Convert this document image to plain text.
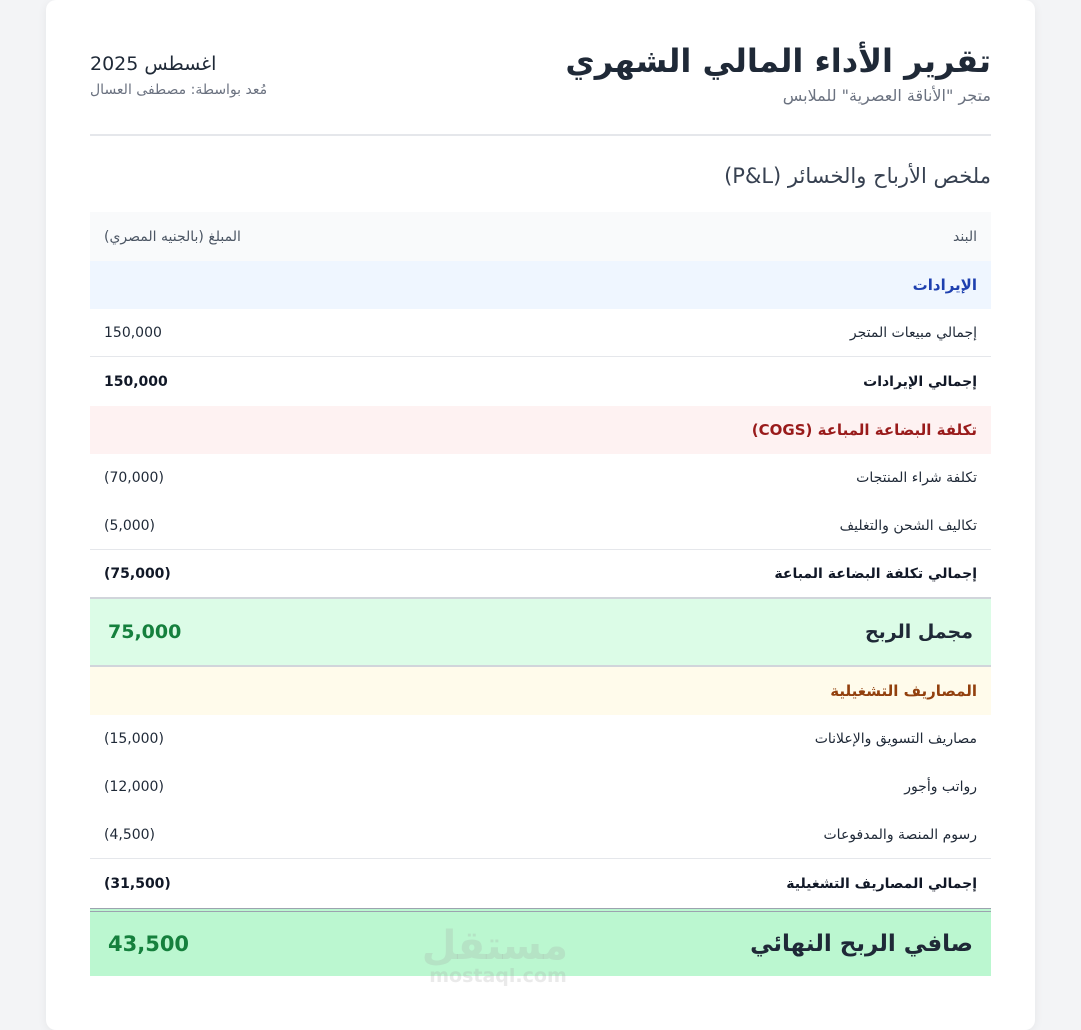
تقرير الأداء المالي الشهري
متجر "الأناقة العصرية" للملابس
اغسطس 2025
مُعد بواسطة: مصطفى العسال
ملخص الأرباح والخسائر (P&L)
البند
المبلغ (بالجنيه المصري)
الإيرادات
إجمالي مبيعات المتجر
150,000
إجمالي الإيرادات
150,000
تكلفة البضاعة المباعة (COGS)
تكلفة شراء المنتجات
(70,000)
تكاليف الشحن والتغليف
(5,000)
إجمالي تكلفة البضاعة المباعة
(75,000)
مجمل الربح
75,000
المصاريف التشغيلية
مصاريف التسويق والإعلانات
(15,000)
رواتب وأجور
(12,000)
رسوم المنصة والمدفوعات
(4,500)
إجمالي المصاريف التشغيلية
(31,500)
صافي الربح النهائي
43,500	مستقل
mostaql.com
